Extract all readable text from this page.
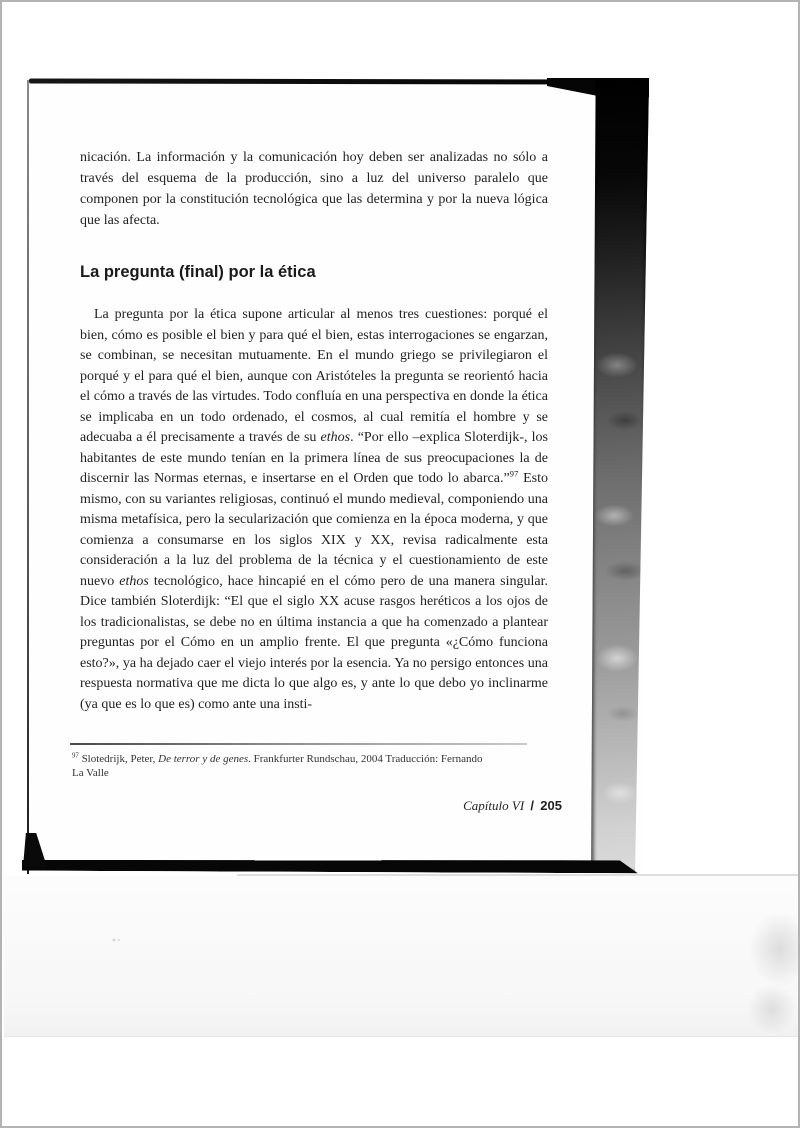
nicación. La información y la comunicación hoy deben ser analizadas no sólo a través del esquema de la producción, sino a luz del universo paralelo que componen por la constitución tecnológica que las determina y por la nueva lógica que las afecta.

La pregunta (final) por la ética

La pregunta por la ética supone articular al menos tres cuestiones: porqué el bien, cómo es posible el bien y para qué el bien, estas interrogaciones se engarzan, se combinan, se necesitan mutuamente. En el mundo griego se privilegiaron el porqué y el para qué el bien, aunque con Aristóteles la pregunta se reorientó hacia el cómo a través de las virtudes. Todo confluía en una perspectiva en donde la ética se implicaba en un todo ordenado, el cosmos, al cual remitía el hombre y se adecuaba a él precisamente a través de su ethos. “Por ello –explica Sloterdijk-, los habitantes de este mundo tenían en la primera línea de sus preocupaciones la de discernir las Normas eternas, e insertarse en el Orden que todo lo abarca.”$^{97}$ Esto mismo, con su variantes religiosas, continuó el mundo medieval, componiendo una misma metafísica, pero la secularización que comienza en la época moderna, y que comienza a consumarse en los siglos XIX y XX, revisa radicalmente esta consideración a la luz del problema de la técnica y el cuestionamiento de este nuevo ethos tecnológico, hace hincapié en el cómo pero de una manera singular. Dice también Sloterdijk: “El que el siglo XX acuse rasgos heréticos a los ojos de los tradicionalistas, se debe no en última instancia a que ha comenzado a plantear preguntas por el Cómo en un amplio frente. El que pregunta «¿Cómo funciona esto?», ya ha dejado caer el viejo interés por la esencia. Ya no persigo entonces una respuesta normativa que me dicta lo que algo es, y ante lo que debo yo inclinarme (ya que es lo que es) como ante una insti-

$^{97}$ Slotedrijk, Peter, De terror y de genes. Frankfurter Rundschau, 2004 Traducción: Fernando La Valle

Capítulo VI / 205
